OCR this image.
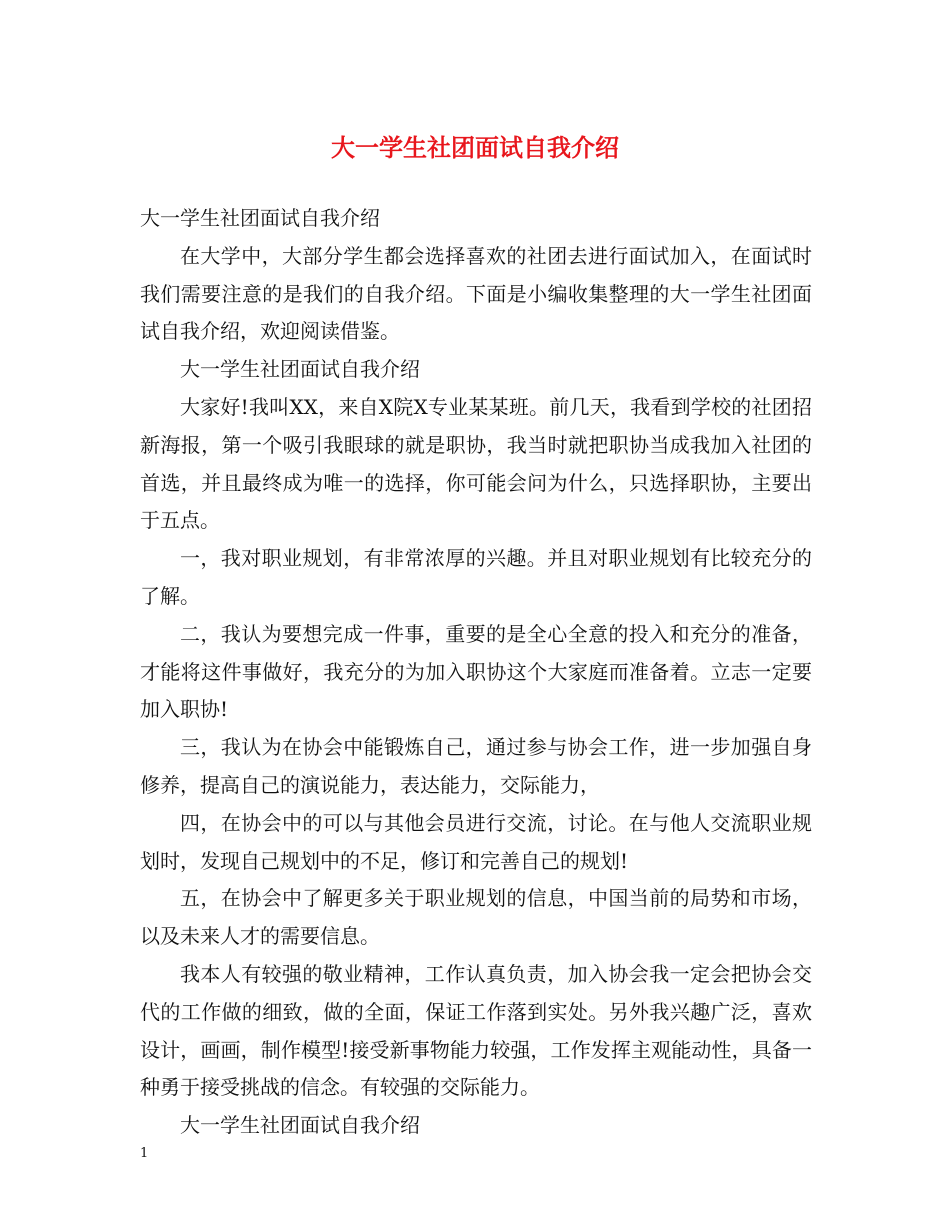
大一学生社团面试自我介绍

大一学生社团面试自我介绍

在大学中，大部分学生都会选择喜欢的社团去进行面试加入，在面试时我们需要注意的是我们的自我介绍。下面是小编收集整理的大一学生社团面试自我介绍，欢迎阅读借鉴。

大一学生社团面试自我介绍

大家好!我叫XX，来自X院X专业某某班。前几天，我看到学校的社团招新海报，第一个吸引我眼球的就是职协，我当时就把职协当成我加入社团的首选，并且最终成为唯一的选择，你可能会问为什么，只选择职协，主要出于五点。

一，我对职业规划，有非常浓厚的兴趣。并且对职业规划有比较充分的了解。

二，我认为要想完成一件事，重要的是全心全意的投入和充分的准备，才能将这件事做好，我充分的为加入职协这个大家庭而准备着。立志一定要加入职协!

三，我认为在协会中能锻炼自己，通过参与协会工作，进一步加强自身修养，提高自己的演说能力，表达能力，交际能力，

四，在协会中的可以与其他会员进行交流，讨论。在与他人交流职业规划时，发现自己规划中的不足，修订和完善自己的规划!

五，在协会中了解更多关于职业规划的信息，中国当前的局势和市场，以及未来人才的需要信息。

我本人有较强的敬业精神，工作认真负责，加入协会我一定会把协会交代的工作做的细致，做的全面，保证工作落到实处。另外我兴趣广泛，喜欢设计，画画，制作模型!接受新事物能力较强，工作发挥主观能动性，具备一种勇于接受挑战的信念。有较强的交际能力。

大一学生社团面试自我介绍

1
